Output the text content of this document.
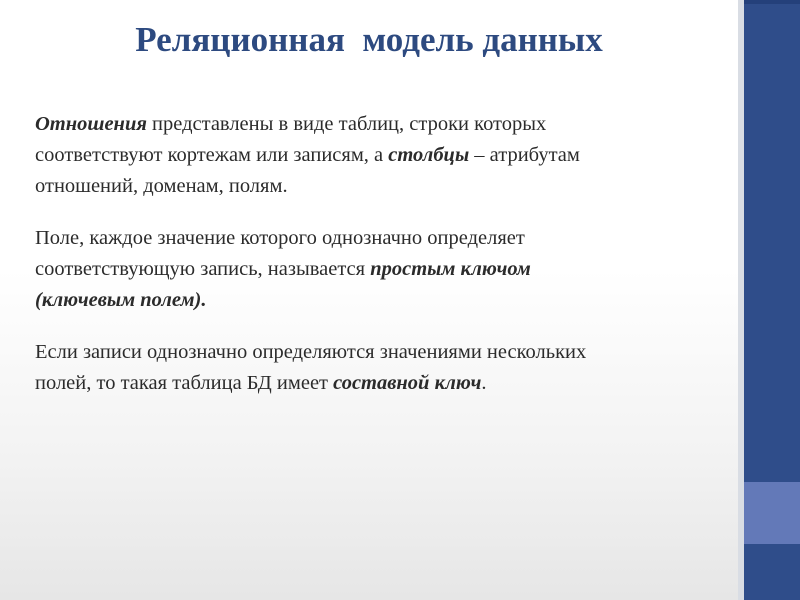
Реляционная  модель данных

Отношения представлены в виде таблиц, строки которых
соответствуют кортежам или записям, а столбцы – атрибутам
отношений, доменам, полям.

Поле, каждое значение которого однозначно определяет
соответствующую запись, называется простым ключом
(ключевым полем).

Если записи однозначно определяются значениями нескольких
полей, то такая таблица БД имеет составной ключ.
